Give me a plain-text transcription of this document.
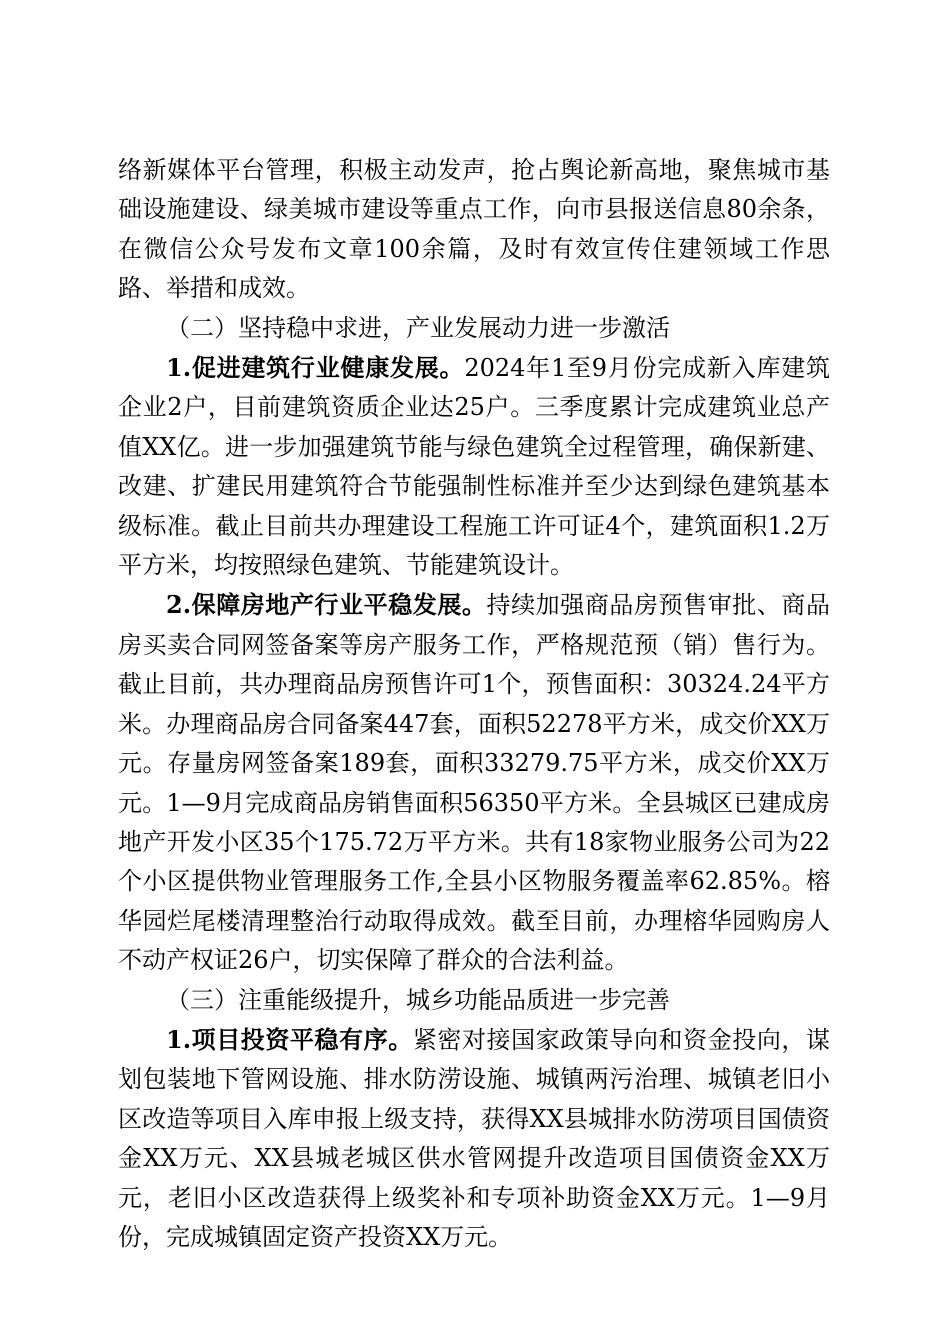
络新媒体平台管理，积极主动发声，抢占舆论新高地，聚焦城市基础设施建设、绿美城市建设等重点工作，向市县报送信息80余条，在微信公众号发布文章100余篇，及时有效宣传住建领域工作思路、举措和成效。

（二）坚持稳中求进，产业发展动力进一步激活

1.促进建筑行业健康发展。2024年1至9月份完成新入库建筑企业2户，目前建筑资质企业达25户。三季度累计完成建筑业总产值XX亿。进一步加强建筑节能与绿色建筑全过程管理，确保新建、改建、扩建民用建筑符合节能强制性标准并至少达到绿色建筑基本级标准。截止目前共办理建设工程施工许可证4个，建筑面积1.2万平方米，均按照绿色建筑、节能建筑设计。

2.保障房地产行业平稳发展。持续加强商品房预售审批、商品房买卖合同网签备案等房产服务工作，严格规范预（销）售行为。截止目前，共办理商品房预售许可1个，预售面积：30324.24平方米。办理商品房合同备案447套，面积52278平方米，成交价XX万元。存量房网签备案189套，面积33279.75平方米，成交价XX万元。1—9月完成商品房销售面积56350平方米。全县城区已建成房地产开发小区35个175.72万平方米。共有18家物业服务公司为22个小区提供物业管理服务工作,全县小区物服务覆盖率62.85%。榕华园烂尾楼清理整治行动取得成效。截至目前，办理榕华园购房人不动产权证26户，切实保障了群众的合法利益。

（三）注重能级提升，城乡功能品质进一步完善

1.项目投资平稳有序。紧密对接国家政策导向和资金投向，谋划包装地下管网设施、排水防涝设施、城镇两污治理、城镇老旧小区改造等项目入库申报上级支持，获得XX县城排水防涝项目国债资金XX万元、XX县城老城区供水管网提升改造项目国债资金XX万元，老旧小区改造获得上级奖补和专项补助资金XX万元。1—9月份，完成城镇固定资产投资XX万元。
